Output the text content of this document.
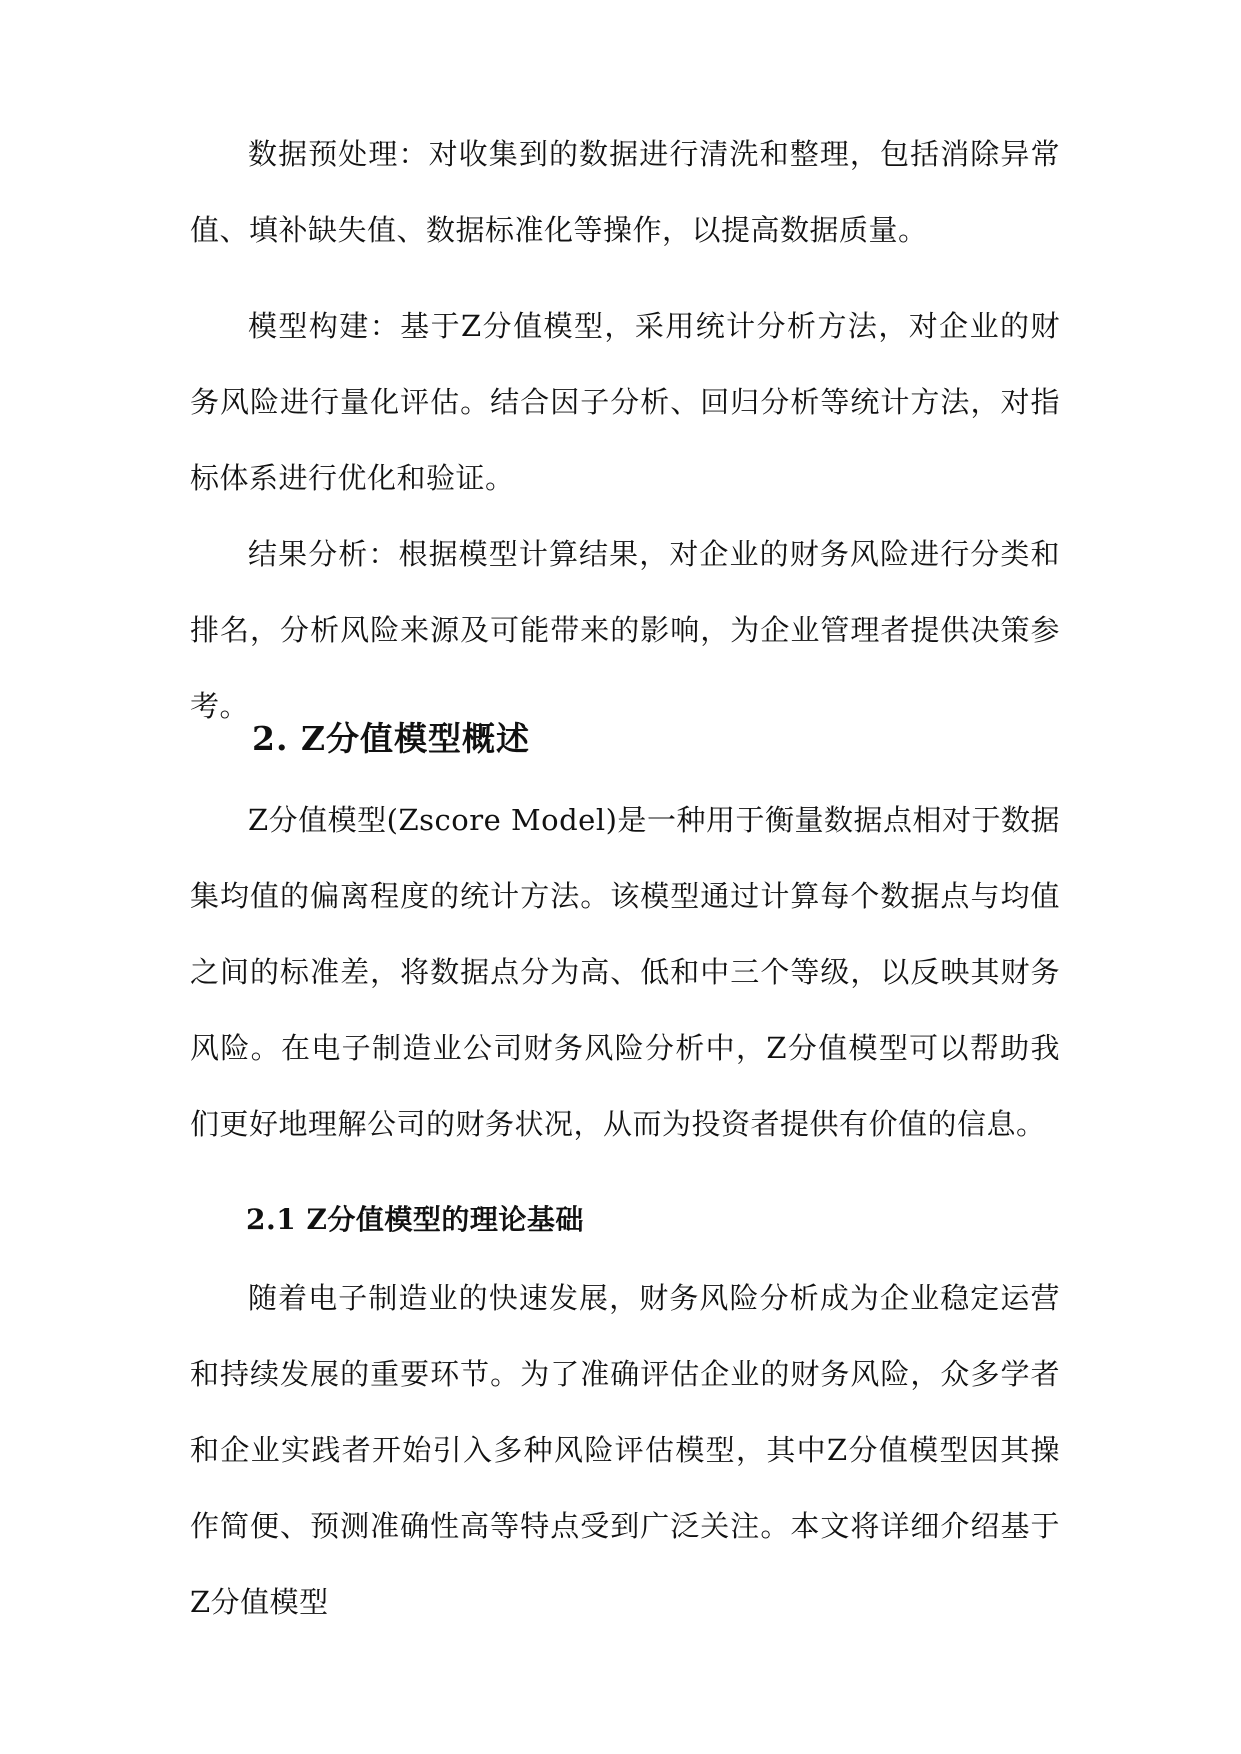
数据预处理：对收集到的数据进行清洗和整理，包括消除异常值、填补缺失值、数据标准化等操作，以提高数据质量。

模型构建：基于Z分值模型，采用统计分析方法，对企业的财务风险进行量化评估。结合因子分析、回归分析等统计方法，对指标体系进行优化和验证。

结果分析：根据模型计算结果，对企业的财务风险进行分类和排名，分析风险来源及可能带来的影响，为企业管理者提供决策参考。

2. Z分值模型概述

Z分值模型(Zscore Model)是一种用于衡量数据点相对于数据集均值的偏离程度的统计方法。该模型通过计算每个数据点与均值之间的标准差，将数据点分为高、低和中三个等级，以反映其财务风险。在电子制造业公司财务风险分析中，Z分值模型可以帮助我们更好地理解公司的财务状况，从而为投资者提供有价值的信息。

2.1 Z分值模型的理论基础

随着电子制造业的快速发展，财务风险分析成为企业稳定运营和持续发展的重要环节。为了准确评估企业的财务风险，众多学者和企业实践者开始引入多种风险评估模型，其中Z分值模型因其操作简便、预测准确性高等特点受到广泛关注。本文将详细介绍基于Z分值模型
